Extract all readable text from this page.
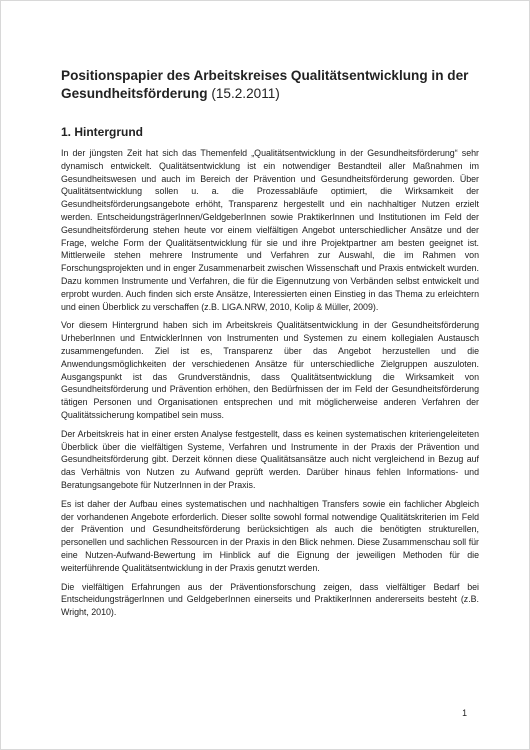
Positionspapier des Arbeitskreises Qualitätsentwicklung in der Gesundheitsförderung (15.2.2011)
1. Hintergrund

In der jüngsten Zeit hat sich das Themenfeld „Qualitätsentwicklung in der Gesundheitsförderung“ sehr dynamisch entwickelt. Qualitätsentwicklung ist ein notwendiger Bestandteil aller Maßnahmen im Gesundheitswesen und auch im Bereich der Prävention und Gesundheitsförderung geworden. Über Qualitätsentwicklung sollen u. a. die Prozessabläufe optimiert, die Wirksamkeit der Gesundheitsförderungsangebote erhöht, Transparenz hergestellt und ein nachhaltiger Nutzen erzielt werden. EntscheidungsträgerInnen/GeldgeberInnen sowie PraktikerInnen und Institutionen im Feld der Gesundheitsförderung stehen heute vor einem vielfältigen Angebot unterschiedlicher Ansätze und der Frage, welche Form der Qualitätsentwicklung für sie und ihre Projektpartner am besten geeignet ist. Mittlerweile stehen mehrere Instrumente und Verfahren zur Auswahl, die im Rahmen von Forschungsprojekten und in enger Zusammenarbeit zwischen Wissenschaft und Praxis entwickelt wurden. Dazu kommen Instrumente und Verfahren, die für die Eigennutzung von Verbänden selbst entwickelt und erprobt wurden. Auch finden sich erste Ansätze, Interessierten einen Einstieg in das Thema zu erleichtern und einen Überblick zu verschaffen (z.B. LIGA.NRW, 2010, Kolip & Müller, 2009).

Vor diesem Hintergrund haben sich im Arbeitskreis Qualitätsentwicklung in der Gesundheitsförderung UrheberInnen und EntwicklerInnen von Instrumenten und Systemen zu einem kollegialen Austausch zusammengefunden. Ziel ist es, Transparenz über das Angebot herzustellen und die Anwendungsmöglichkeiten der verschiedenen Ansätze für unterschiedliche Zielgruppen auszuloten. Ausgangspunkt ist das Grundverständnis, dass Qualitätsentwicklung die Wirksamkeit von Gesundheitsförderung und Prävention erhöhen, den Bedürfnissen der im Feld der Gesundheitsförderung tätigen Personen und Organisationen entsprechen und mit möglicherweise anderen Verfahren der Qualitätssicherung kompatibel sein muss.

Der Arbeitskreis hat in einer ersten Analyse festgestellt, dass es keinen systematischen kriteriengeleiteten Überblick über die vielfältigen Systeme, Verfahren und Instrumente in der Praxis der Prävention und Gesundheitsförderung gibt. Derzeit können diese Qualitätsansätze auch nicht vergleichend in Bezug auf das Verhältnis von Nutzen zu Aufwand geprüft werden. Darüber hinaus fehlen Informations- und Beratungsangebote für NutzerInnen in der Praxis.

Es ist daher der Aufbau eines systematischen und nachhaltigen Transfers sowie ein fachlicher Abgleich der vorhandenen Angebote erforderlich. Dieser sollte sowohl formal notwendige Qualitätskriterien im Feld der Prävention und Gesundheitsförderung berücksichtigen als auch die benötigten strukturellen, personellen und sachlichen Ressourcen in der Praxis in den Blick nehmen. Diese Zusammenschau soll für eine Nutzen-Aufwand-Bewertung im Hinblick auf die Eignung der jeweiligen Methoden für die weiterführende Qualitätsentwicklung in der Praxis genutzt werden.

Die vielfältigen Erfahrungen aus der Präventionsforschung zeigen, dass vielfältiger Bedarf bei EntscheidungsträgerInnen und GeldgeberInnen einerseits und PraktikerInnen andererseits besteht (z.B. Wright, 2010).

1
